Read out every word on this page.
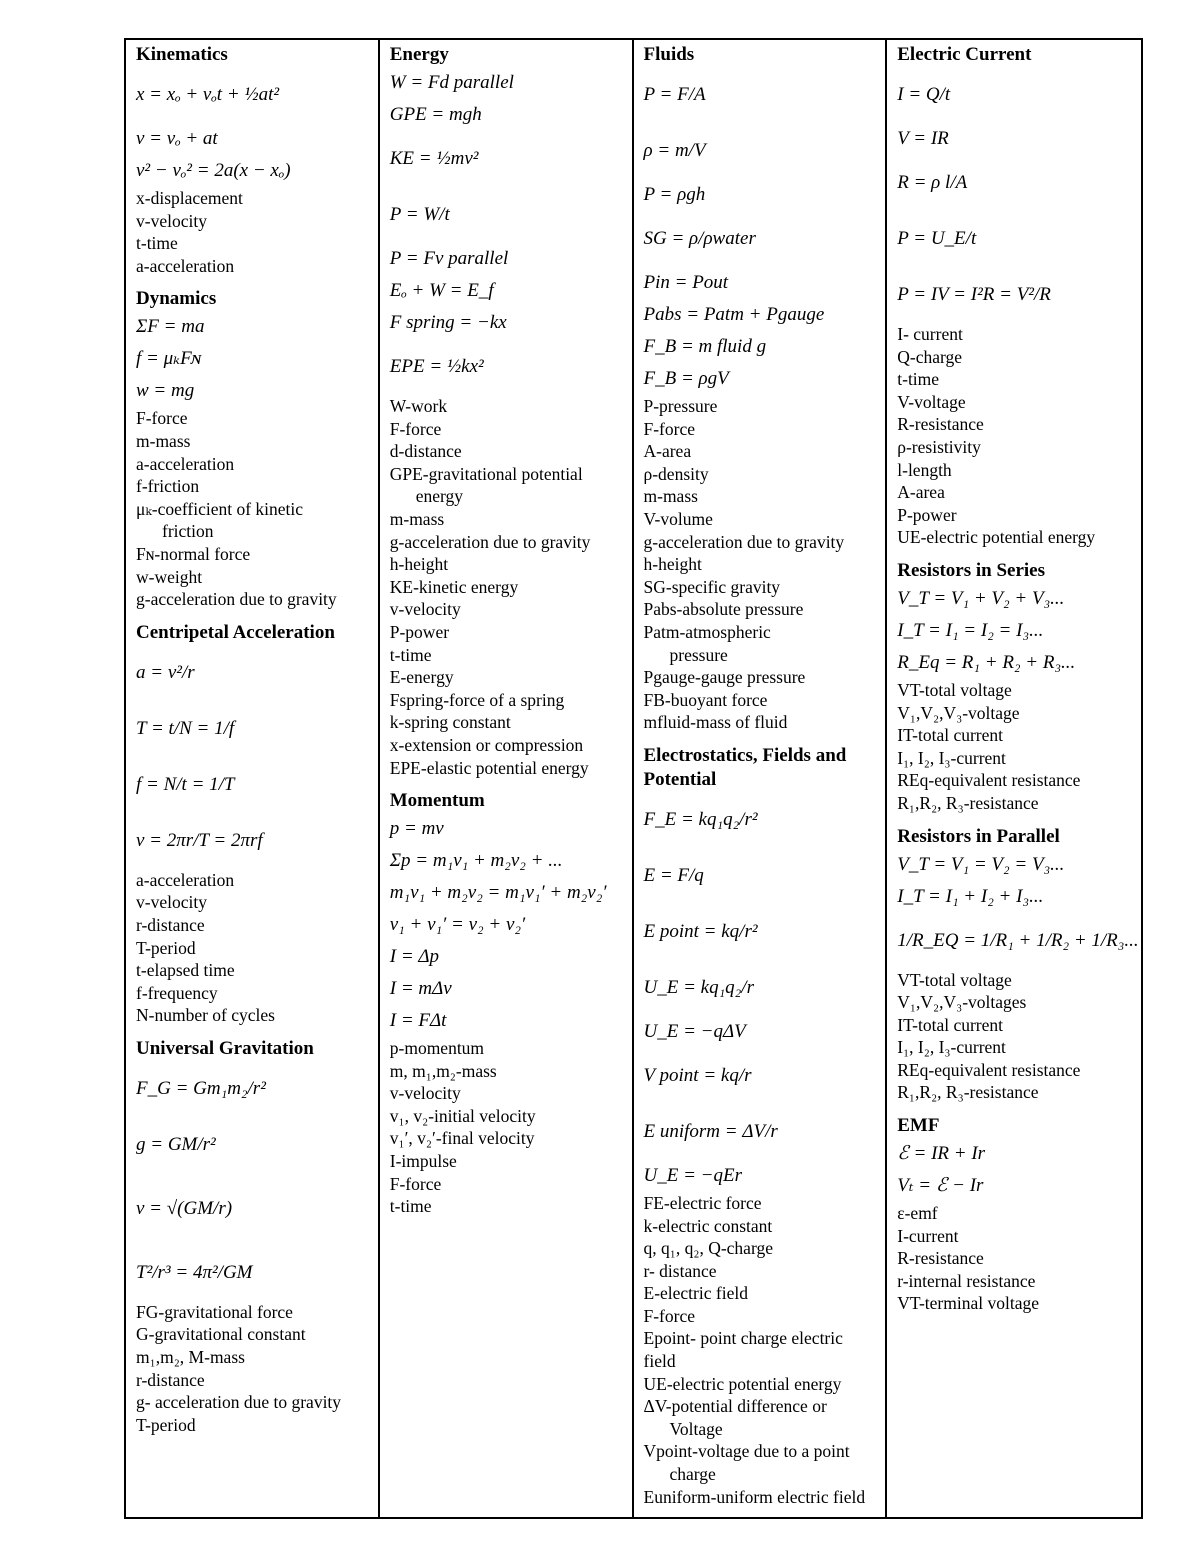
Kinematics
x = xₒ + vₒt + ½at²
v = vₒ + at
v² − vₒ² = 2a(x − xₒ)
x-displacement
v-velocity
t-time
a-acceleration
Dynamics
ΣF = ma
f = μₖFɴ
w = mg
F-force
m-mass
a-acceleration
f-friction
μₖ-coefficient of kinetic
friction
Fɴ-normal force
w-weight
g-acceleration due to gravity
Centripetal Acceleration
a = v²/r
T = t/N = 1/f
f = N/t = 1/T
v = 2πr/T = 2πrf
a-acceleration
v-velocity
r-distance
T-period
t-elapsed time
f-frequency
N-number of cycles
Universal Gravitation
F_G = Gm₁m₂/r²
g = GM/r²
v = √(GM/r)
T²/r³ = 4π²/GM
FG-gravitational force
G-gravitational constant
m₁,m₂, M-mass
r-distance
g- acceleration due to gravity
T-period
Energy
W = Fd parallel
GPE = mgh
KE = ½mv²
P = W/t
P = Fv parallel
Eₒ + W = E_f
F spring = −kx
EPE = ½kx²
W-work
F-force
d-distance
GPE-gravitational potential
energy
m-mass
g-acceleration due to gravity
h-height
KE-kinetic energy
v-velocity
P-power
t-time
E-energy
Fspring-force of a spring
k-spring constant
x-extension or compression
EPE-elastic potential energy
Momentum
p = mv
Σp = m₁v₁ + m₂v₂ + ...
m₁v₁ + m₂v₂ = m₁v₁′ + m₂v₂′
v₁ + v₁′ = v₂ + v₂′
I = Δp
I = mΔv
I = FΔt
p-momentum
m, m₁,m₂-mass
v-velocity
v₁, v₂-initial velocity
v₁′, v₂′-final velocity
I-impulse
F-force
t-time
Fluids
P = F/A
ρ = m/V
P = ρgh
SG = ρ/ρwater
Pin = Pout
Pabs = Patm + Pgauge
F_B = m fluid g
F_B = ρgV
P-pressure
F-force
A-area
ρ-density
m-mass
V-volume
g-acceleration due to gravity
h-height
SG-specific gravity
Pabs-absolute pressure
Patm-atmospheric
pressure
Pgauge-gauge pressure
FB-buoyant force
mfluid-mass of fluid
Electrostatics, Fields and Potential
F_E = kq₁q₂/r²
E = F/q
E point = kq/r²
U_E = kq₁q₂/r
U_E = −qΔV
V point = kq/r
E uniform = ΔV/r
U_E = −qEr
FE-electric force
k-electric constant
q, q₁, q₂, Q-charge
r- distance
E-electric field
F-force
Epoint- point charge electric field
UE-electric potential energy
ΔV-potential difference or
Voltage
Vpoint-voltage due to a point
charge
Euniform-uniform electric field
Electric Current
I = Q/t
V = IR
R = ρ l/A
P = U_E/t
P = IV = I²R = V²/R
I- current
Q-charge
t-time
V-voltage
R-resistance
ρ-resistivity
l-length
A-area
P-power
UE-electric potential energy
Resistors in Series
V_T = V₁ + V₂ + V₃...
I_T = I₁ = I₂ = I₃...
R_Eq = R₁ + R₂ + R₃...
VT-total voltage
V₁,V₂,V₃-voltage
IT-total current
I₁, I₂, I₃-current
REq-equivalent resistance
R₁,R₂, R₃-resistance
Resistors in Parallel
V_T = V₁ = V₂ = V₃...
I_T = I₁ + I₂ + I₃...
1/R_EQ = 1/R₁ + 1/R₂ + 1/R₃...
VT-total voltage
V₁,V₂,V₃-voltages
IT-total current
I₁, I₂, I₃-current
REq-equivalent resistance
R₁,R₂, R₃-resistance
EMF
ℰ = IR + Ir
Vₜ = ℰ − Ir
ε-emf
I-current
R-resistance
r-internal resistance
VT-terminal voltage
